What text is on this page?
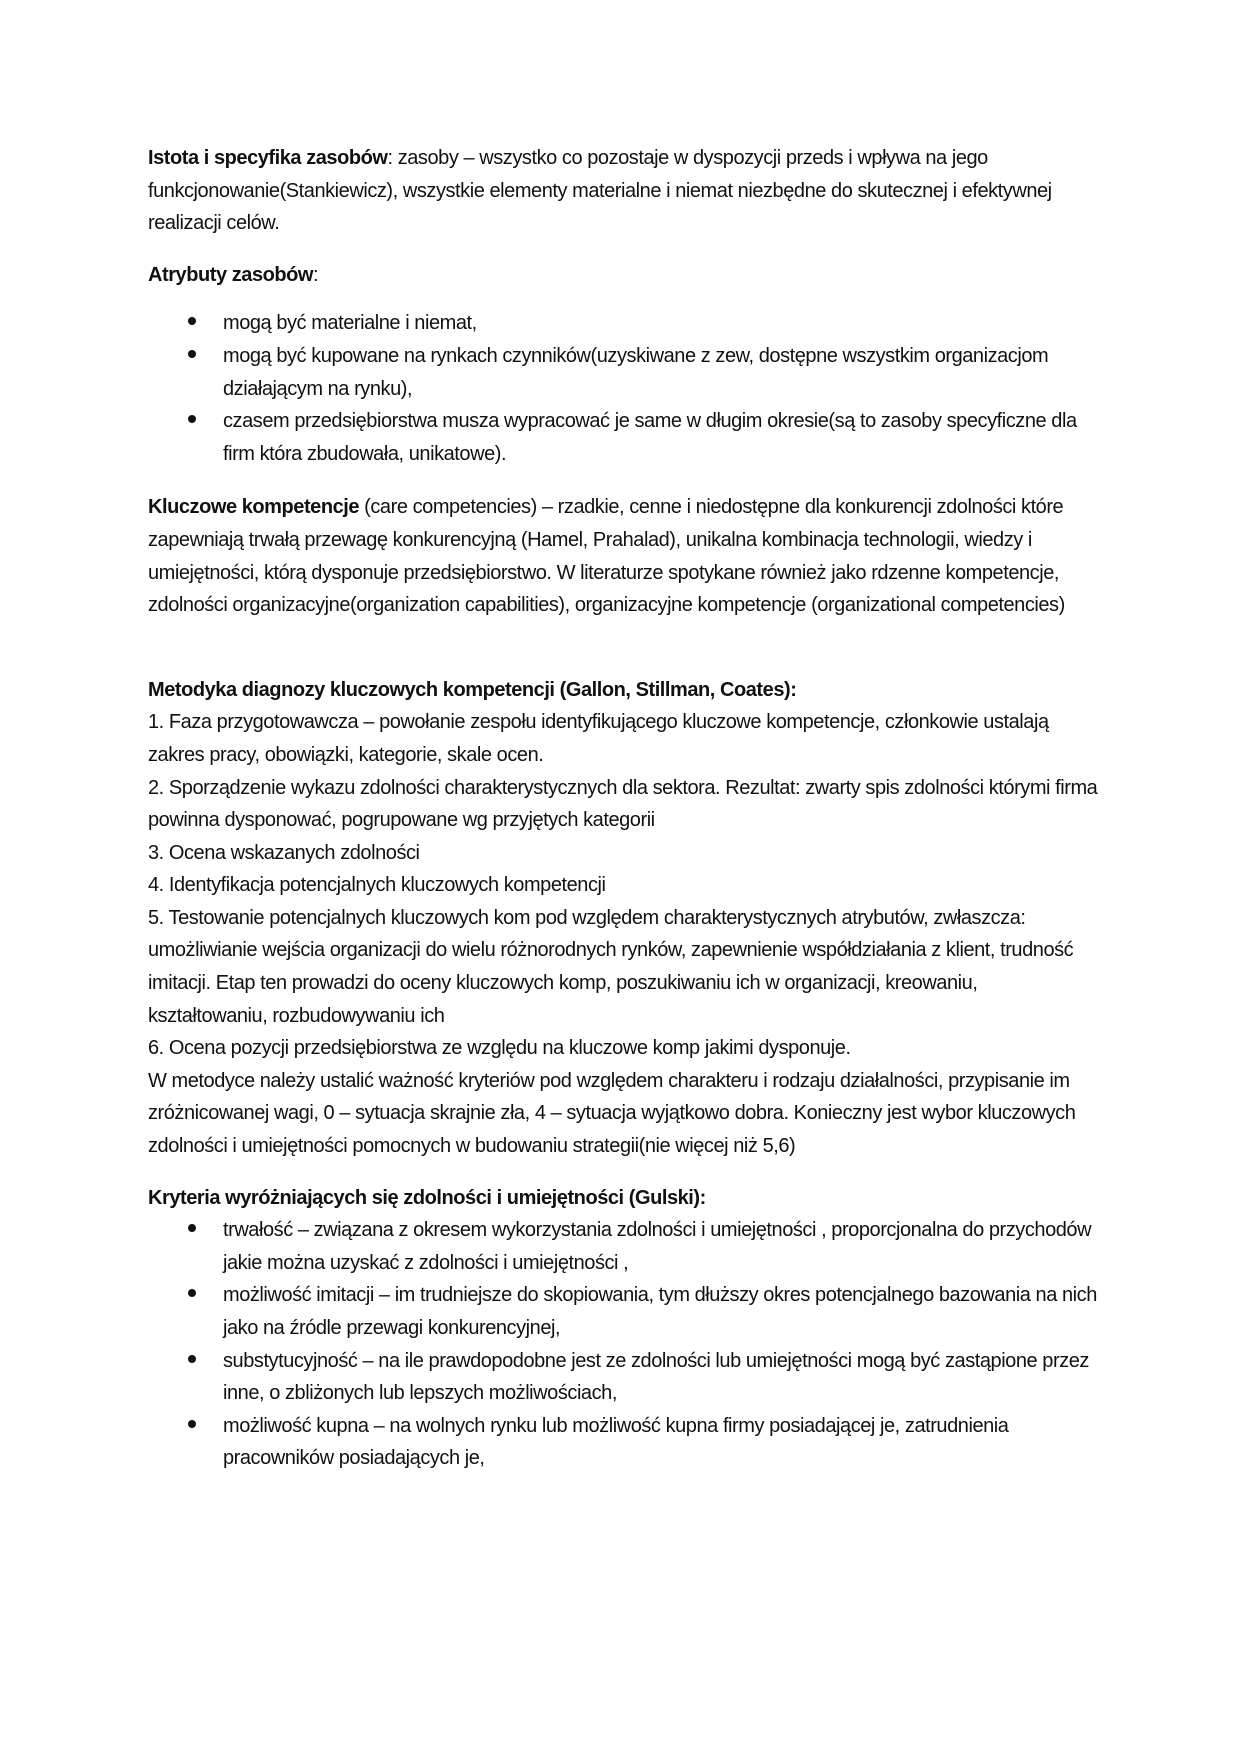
Istota i specyfika zasobów: zasoby – wszystko co pozostaje w dyspozycji przeds i wpływa na jego funkcjonowanie(Stankiewicz), wszystkie elementy materialne i niemat niezbędne do skutecznej i efektywnej realizacji celów.

Atrybuty zasobów:

mogą być materialne i niemat,
mogą być kupowane na rynkach czynników(uzyskiwane z zew, dostępne wszystkim organizacjom działającym na rynku),
czasem przedsiębiorstwa musza wypracować je same w długim okresie(są to zasoby specyficzne dla firm która zbudowała, unikatowe).

Kluczowe kompetencje (care competencies) – rzadkie, cenne i niedostępne dla konkurencji zdolności które zapewniają trwałą przewagę konkurencyjną (Hamel, Prahalad), unikalna kombinacja technologii, wiedzy i umiejętności, którą dysponuje przedsiębiorstwo. W literaturze spotykane również jako rdzenne kompetencje, zdolności organizacyjne(organization capabilities), organizacyjne kompetencje (organizational competencies)

Metodyka diagnozy kluczowych kompetencji (Gallon, Stillman, Coates):

1. Faza przygotowawcza – powołanie zespołu identyfikującego kluczowe kompetencje, członkowie ustalają zakres pracy, obowiązki, kategorie, skale ocen.

2. Sporządzenie wykazu zdolności charakterystycznych dla sektora. Rezultat: zwarty spis zdolności którymi firma powinna dysponować, pogrupowane wg przyjętych kategorii

3. Ocena wskazanych zdolności

4. Identyfikacja potencjalnych kluczowych kompetencji

5. Testowanie potencjalnych kluczowych kom pod względem charakterystycznych atrybutów, zwłaszcza: umożliwianie wejścia organizacji do wielu różnorodnych rynków, zapewnienie współdziałania z klient, trudność imitacji. Etap ten prowadzi do oceny kluczowych komp, poszukiwaniu ich w organizacji, kreowaniu, kształtowaniu, rozbudowywaniu ich

6. Ocena pozycji przedsiębiorstwa ze względu na kluczowe komp jakimi dysponuje.

W metodyce należy ustalić ważność kryteriów pod względem charakteru i rodzaju działalności, przypisanie im zróżnicowanej wagi, 0 – sytuacja skrajnie zła, 4 – sytuacja wyjątkowo dobra. Konieczny jest wybor kluczowych zdolności i umiejętności pomocnych w budowaniu strategii(nie więcej niż 5,6)

Kryteria wyróżniających się zdolności i umiejętności (Gulski):

trwałość – związana z okresem wykorzystania zdolności i umiejętności , proporcjonalna do przychodów jakie można uzyskać z zdolności i umiejętności ,
możliwość imitacji – im trudniejsze do skopiowania, tym dłuższy okres potencjalnego bazowania na nich jako na źródle przewagi konkurencyjnej,
substytucyjność – na ile prawdopodobne jest ze zdolności lub umiejętności mogą być zastąpione przez inne, o zbliżonych lub lepszych możliwościach,
możliwość kupna – na wolnych rynku lub możliwość kupna firmy posiadającej je, zatrudnienia pracowników posiadających je,
